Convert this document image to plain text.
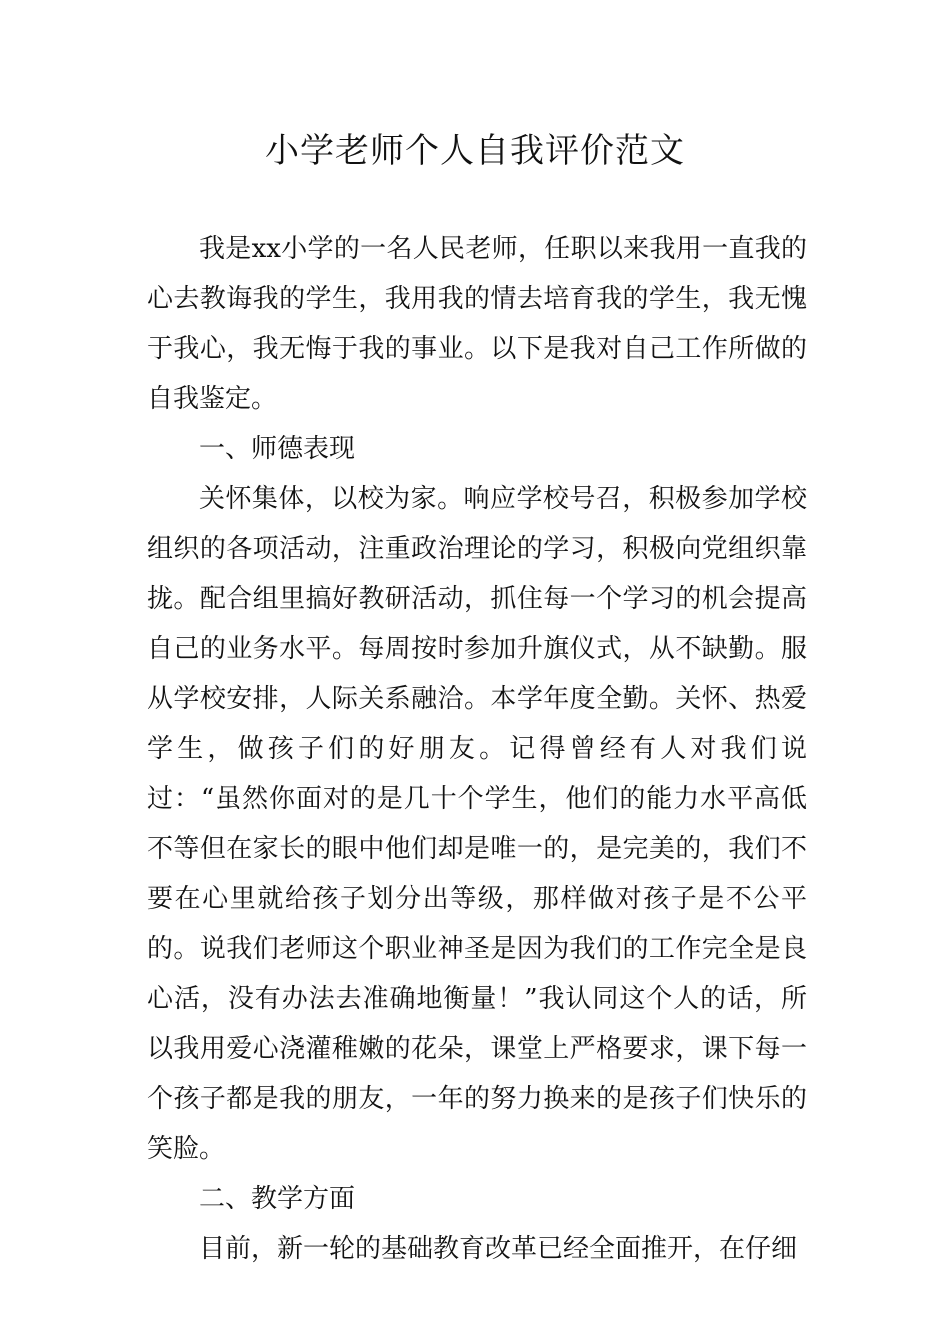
小学老师个人自我评价范文

我是xx小学的一名人民老师，任职以来我用一直我的心去教诲我的学生，我用我的情去培育我的学生，我无愧于我心，我无悔于我的事业。以下是我对自己工作所做的自我鉴定。

一、师德表现

关怀集体，以校为家。响应学校号召，积极参加学校组织的各项活动，注重政治理论的学习，积极向党组织靠拢。配合组里搞好教研活动，抓住每一个学习的机会提高自己的业务水平。每周按时参加升旗仪式，从不缺勤。服从学校安排，人际关系融洽。本学年度全勤。关怀、热爱学生，做孩子们的好朋友。记得曾经有人对我们说过：“虽然你面对的是几十个学生，他们的能力水平高低不等但在家长的眼中他们却是唯一的，是完美的，我们不要在心里就给孩子划分出等级，那样做对孩子是不公平的。说我们老师这个职业神圣是因为我们的工作完全是良心活，没有办法去准确地衡量！”我认同这个人的话，所以我用爱心浇灌稚嫩的花朵，课堂上严格要求，课下每一个孩子都是我的朋友，一年的努力换来的是孩子们快乐的笑脸。

二、教学方面

目前，新一轮的基础教育改革已经全面推开，在仔细
